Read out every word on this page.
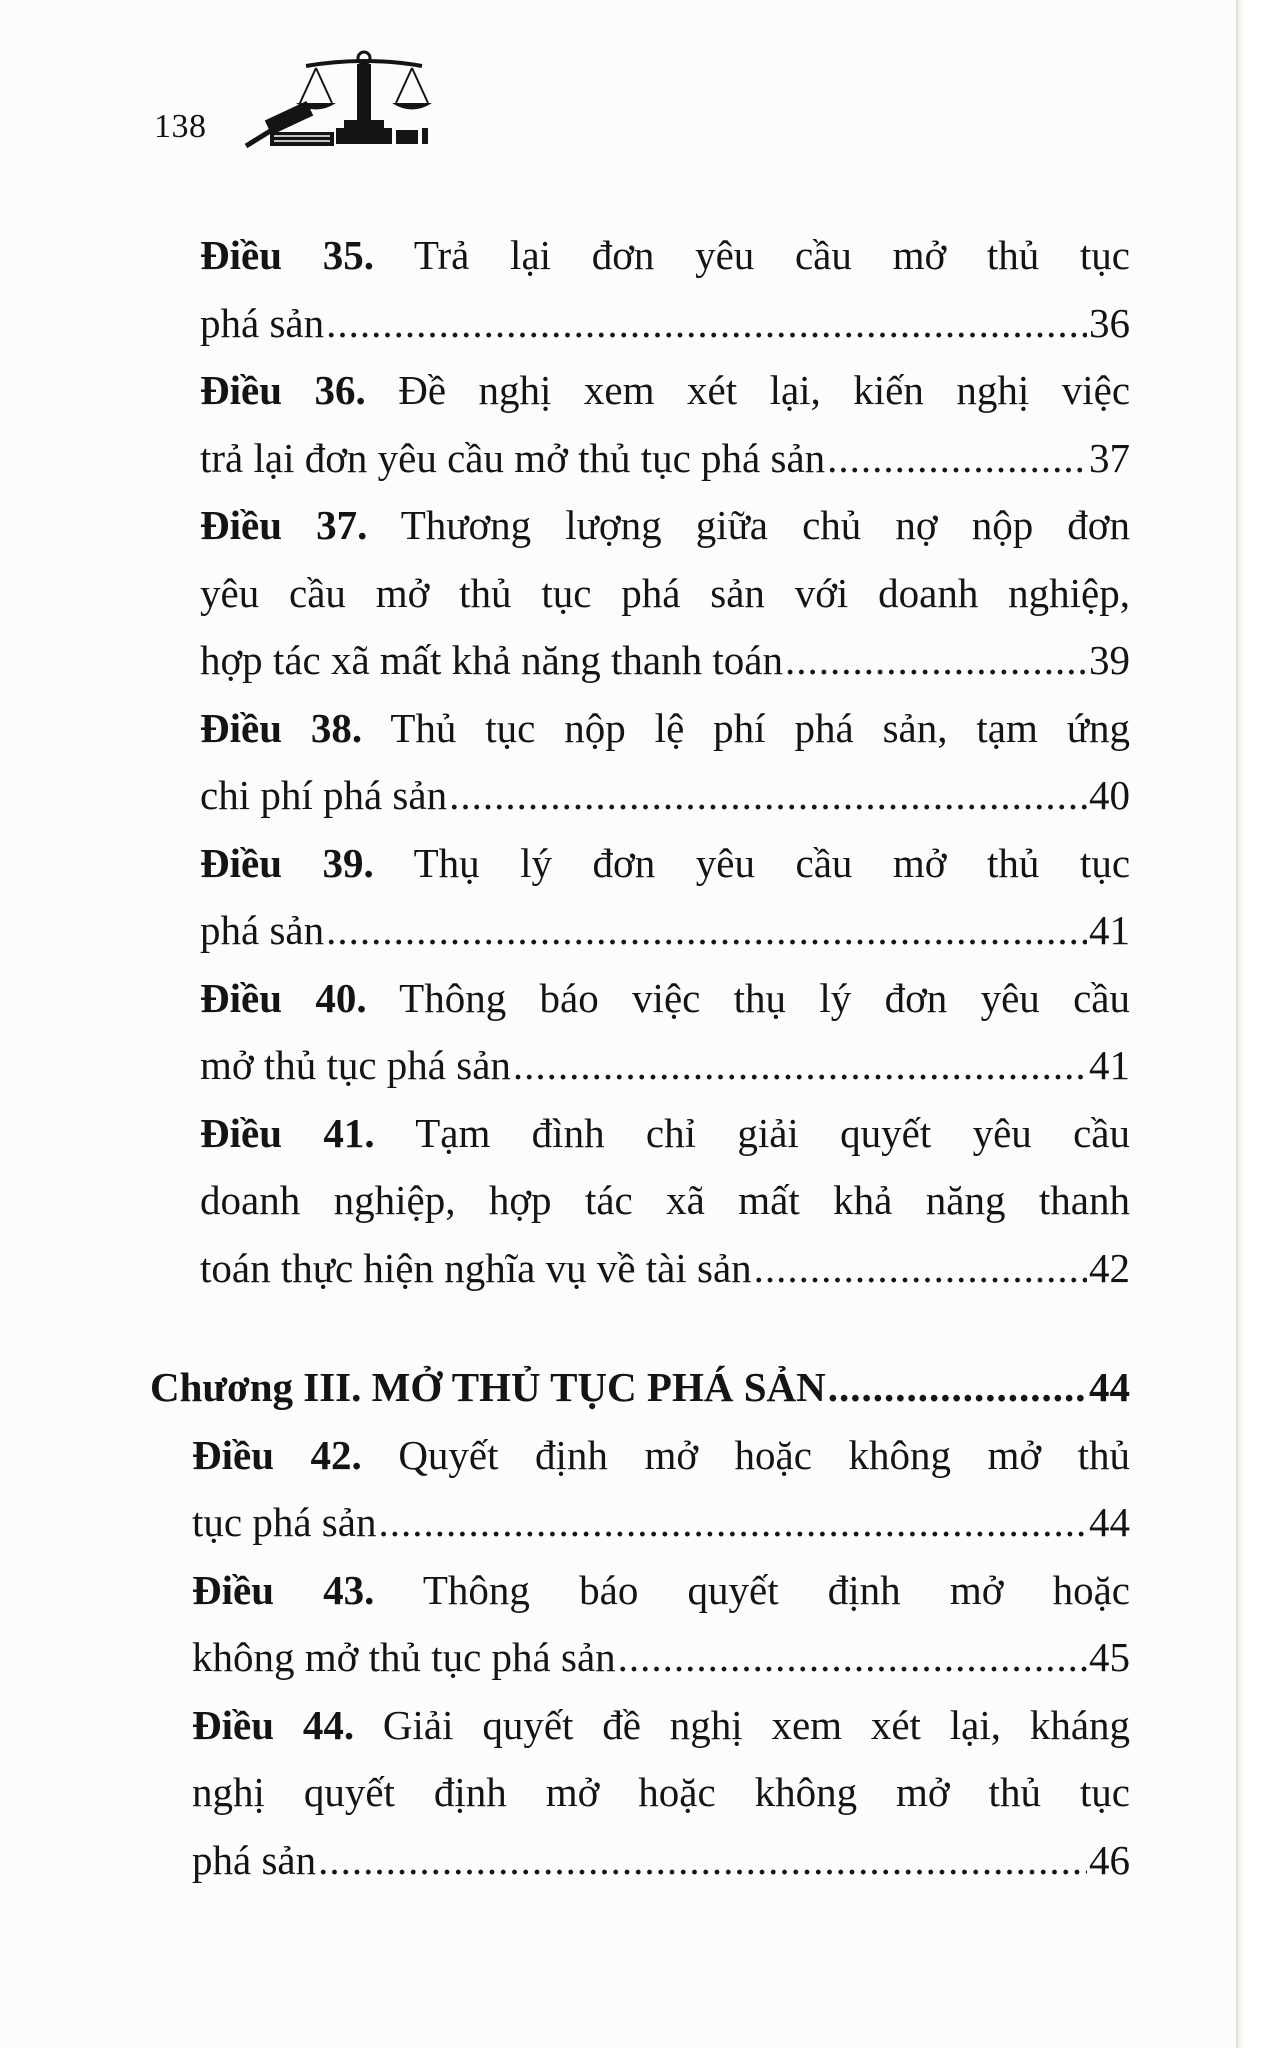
138
Điều 35. Trả lại đơn yêu cầu mở thủ tục
phá sản .....	36
Điều 36. Đề nghị xem xét lại, kiến nghị việc
trả lại đơn yêu cầu mở thủ tục phá sản .....	37
Điều 37. Thương lượng giữa chủ nợ nộp đơn
yêu cầu mở thủ tục phá sản với doanh nghiệp,
hợp tác xã mất khả năng thanh toán .....	39
Điều 38. Thủ tục nộp lệ phí phá sản, tạm ứng
chi phí phá sản .....	40
Điều 39. Thụ lý đơn yêu cầu mở thủ tục
phá sản .....	41
Điều 40. Thông báo việc thụ lý đơn yêu cầu
mở thủ tục phá sản .....	41
Điều 41. Tạm đình chỉ giải quyết yêu cầu
doanh nghiệp, hợp tác xã mất khả năng thanh
toán thực hiện nghĩa vụ về tài sản .....	42
Chương III. MỞ THỦ TỤC PHÁ SẢN .....	44
Điều 42. Quyết định mở hoặc không mở thủ
tục phá sản .....	44
Điều 43. Thông báo quyết định mở hoặc
không mở thủ tục phá sản .....	45
Điều 44. Giải quyết đề nghị xem xét lại, kháng
nghị quyết định mở hoặc không mở thủ tục
phá sản .....	46
